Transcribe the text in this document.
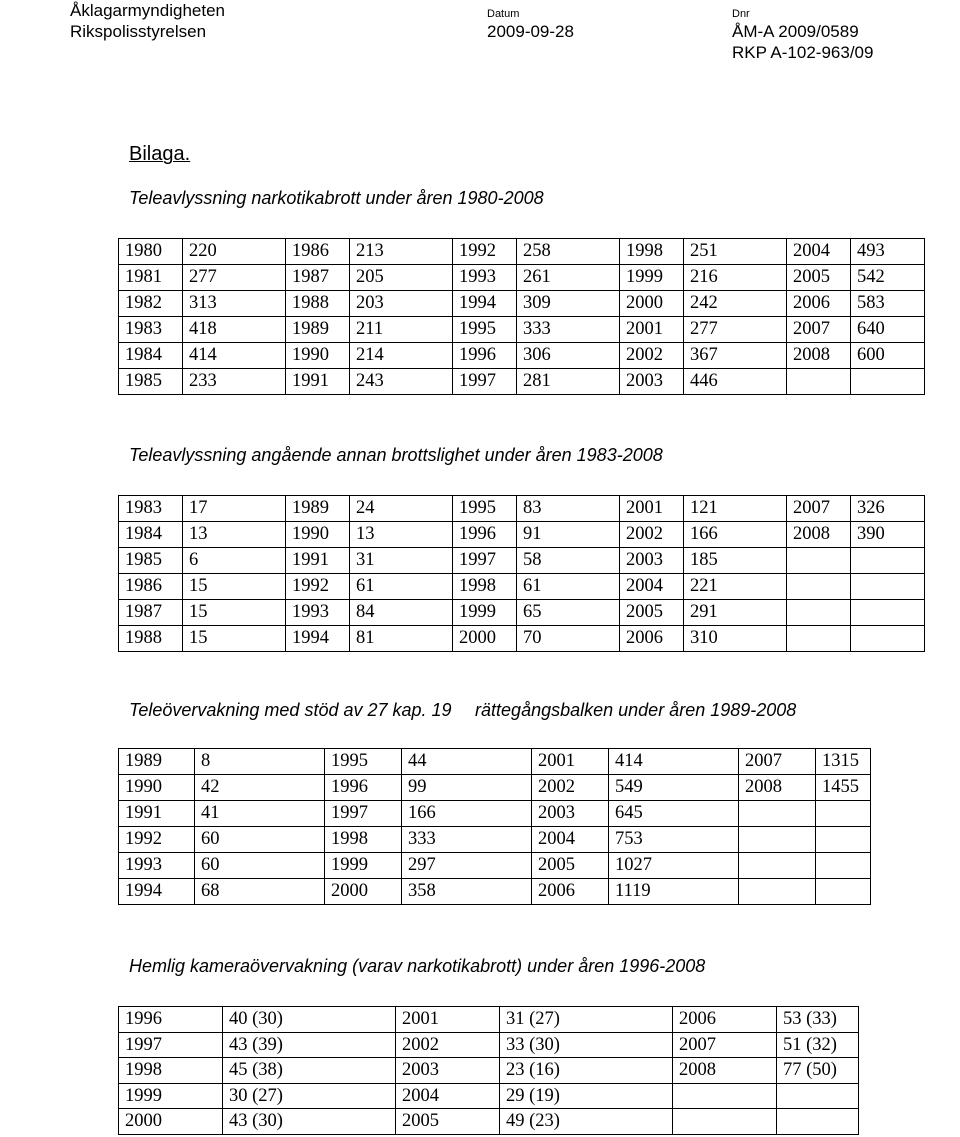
Åklagarmyndigheten
Rikspolisstyrelsen
Datum
2009-09-28
Dnr
ÅM-A 2009/0589
RKP A-102-963/09
Bilaga.
Teleavlyssning narkotikabrott under åren 1980-2008
1980	220	1986	213	1992	258	1998	251	2004	493
1981	277	1987	205	1993	261	1999	216	2005	542
1982	313	1988	203	1994	309	2000	242	2006	583
1983	418	1989	211	1995	333	2001	277	2007	640
1984	414	1990	214	1996	306	2002	367	2008	600
1985	233	1991	243	1997	281	2003	446		
Teleavlyssning angående annan brottslighet under åren 1983-2008
1983	17	1989	24	1995	83	2001	121	2007	326
1984	13	1990	13	1996	91	2002	166	2008	390
1985	6	1991	31	1997	58	2003	185		
1986	15	1992	61	1998	61	2004	221		
1987	15	1993	84	1999	65	2005	291		
1988	15	1994	81	2000	70	2006	310		
Teleövervakning med stöd av 27 kap. 19 rättegångsbalken under åren 1989-2008
1989	8	1995	44	2001	414	2007	1315
1990	42	1996	99	2002	549	2008	1455
1991	41	1997	166	2003	645		
1992	60	1998	333	2004	753		
1993	60	1999	297	2005	1027		
1994	68	2000	358	2006	1119		
Hemlig kameraövervakning (varav narkotikabrott) under åren 1996-2008
1996	40 (30)	2001	31 (27)	2006	53 (33)
1997	43 (39)	2002	33 (30)	2007	51 (32)
1998	45 (38)	2003	23 (16)	2008	77 (50)
1999	30 (27)	2004	29 (19)		
2000	43 (30)	2005	49 (23)		
